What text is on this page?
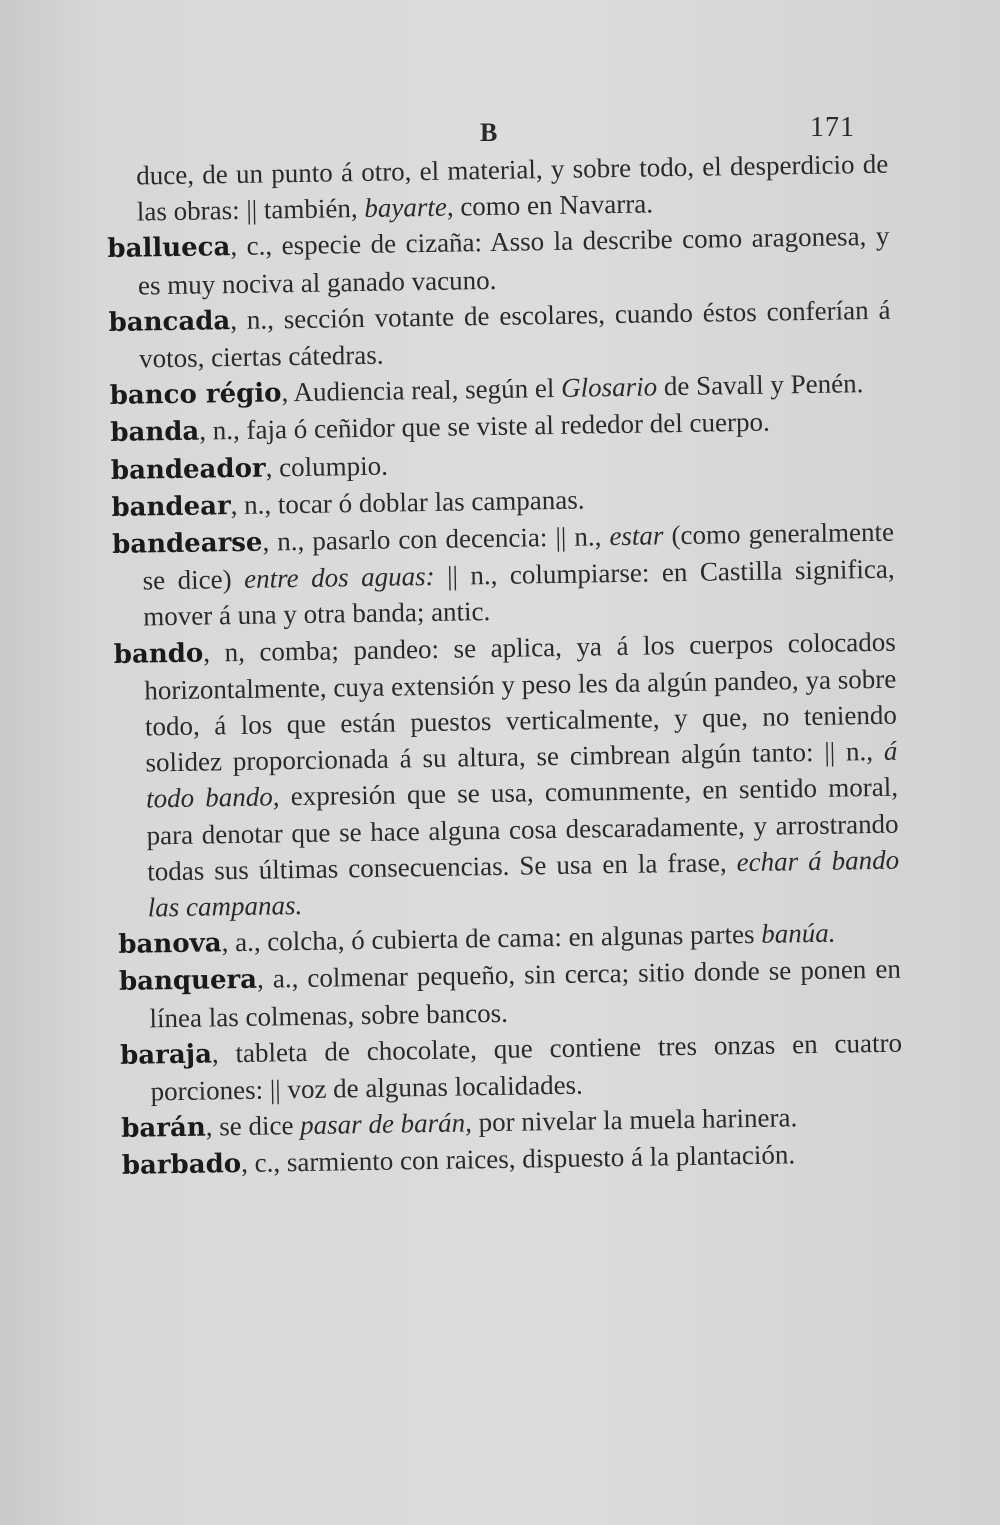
B	171

duce, de un punto á otro, el material, y sobre todo, el desperdicio de las obras: || también, bayarte, como en Navarra.

ballueca, c., especie de cizaña: Asso la describe como aragonesa, y es muy nociva al ganado vacuno.

bancada, n., sección votante de escolares, cuando éstos conferían á votos, ciertas cátedras.

banco régio, Audiencia real, según el Glosario de Savall y Penén.

banda, n., faja ó ceñidor que se viste al rededor del cuerpo.

bandeador, columpio.

bandear, n., tocar ó doblar las campanas.

bandearse, n., pasarlo con decencia: || n., estar (como generalmente se dice) entre dos aguas: || n., columpiarse: en Castilla significa, mover á una y otra banda; antic.

bando, n, comba; pandeo: se aplica, ya á los cuerpos colocados horizontalmente, cuya extensión y peso les da algún pandeo, ya sobre todo, á los que están puestos verticalmente, y que, no teniendo solidez proporcionada á su altura, se cimbrean algún tanto: || n., á todo bando, expresión que se usa, comunmente, en sentido moral, para denotar que se hace alguna cosa descaradamente, y arrostrando todas sus últimas consecuencias. Se usa en la frase, echar á bando las campanas.

banova, a., colcha, ó cubierta de cama: en algunas partes banúa.

banquera, a., colmenar pequeño, sin cerca; sitio donde se ponen en línea las colmenas, sobre bancos.

baraja, tableta de chocolate, que contiene tres onzas en cuatro porciones: || voz de algunas localidades.

barán, se dice pasar de barán, por nivelar la muela harinera.

barbado, c., sarmiento con raices, dispuesto á la plantación.
